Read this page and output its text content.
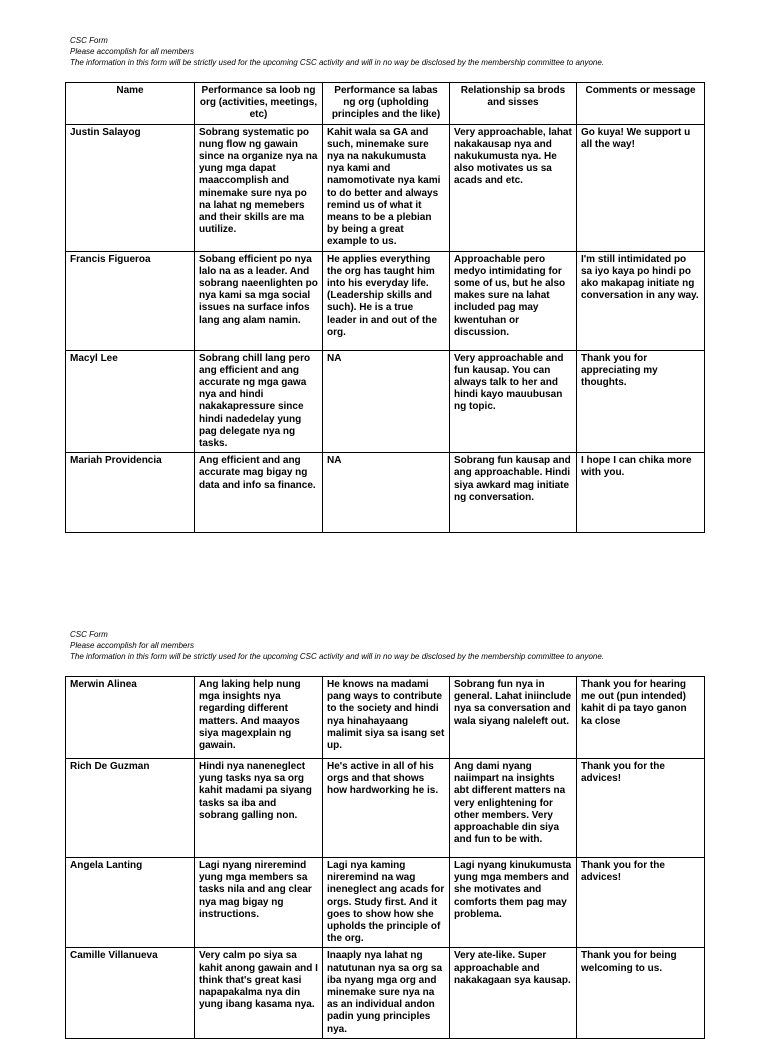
CSC Form
Please accomplish for all members
The information in this form will be strictly used for the upcoming CSC activity and will in no way be disclosed by the membership committee to anyone.
Name	Performance sa loob ng org (activities, meetings, etc)	Performance sa labas ng org (upholding principles and the like)	Relationship sa brods and sisses	Comments or message
Justin Salayog	Sobrang systematic po nung flow ng gawain since na organize nya na yung mga dapat maaccomplish and minemake sure nya po na lahat ng memebers and their skills are ma uutilize.	Kahit wala sa GA and such, minemake sure nya na nakukumusta nya kami and namomotivate nya kami to do better and always remind us of what it means to be a plebian by being a great example to us.	Very approachable, lahat nakakausap nya and nakukumusta nya. He also motivates us sa acads and etc.	Go kuya! We support u all the way!
Francis Figueroa	Sobang efficient po nya lalo na as a leader. And sobrang naeenlighten po nya kami sa mga social issues na surface infos lang ang alam namin.	He applies everything the org has taught him into his everyday life. (Leadership skills and such). He is a true leader in and out of the org.	Approachable pero medyo intimidating for some of us, but he also makes sure na lahat included pag may kwentuhan or discussion.	I'm still intimidated po sa iyo kaya po hindi po ako makapag initiate ng conversation in any way.
Macyl Lee	Sobrang chill lang pero ang efficient and ang accurate ng mga gawa nya and hindi nakakapressure since hindi nadedelay yung pag delegate nya ng tasks.	NA	Very approachable and fun kausap. You can always talk to her and hindi kayo mauubusan ng topic.	Thank you for appreciating my thoughts.
Mariah Providencia	Ang efficient and ang accurate mag bigay ng data and info sa finance.	NA	Sobrang fun kausap and ang approachable. Hindi siya awkard mag initiate ng conversation.	I hope I can chika more with you.
CSC Form
Please accomplish for all members
The information in this form will be strictly used for the upcoming CSC activity and will in no way be disclosed by the membership committee to anyone.
Merwin Alinea	Ang laking help nung mga insights nya regarding different matters. And maayos siya magexplain ng gawain.	He knows na madami pang ways to contribute to the society and hindi nya hinahayaang malimit siya sa isang set up.	Sobrang fun nya in general. Lahat iniinclude nya sa conversation and wala siyang naleleft out.	Thank you for hearing me out (pun intended) kahit di pa tayo ganon ka close
Rich De Guzman	Hindi nya naneneglect yung tasks nya sa org kahit madami pa siyang tasks sa iba and sobrang galling non.	He's active in all of his orgs and that shows how hardworking he is.	Ang dami nyang naiimpart na insights abt different matters na very enlightening for other members. Very approachable din siya and fun to be with.	Thank you for the advices!
Angela Lanting	Lagi nyang nireremind yung mga members sa tasks nila and ang clear nya mag bigay ng instructions.	Lagi nya kaming nireremind na wag ineneglect ang acads for orgs. Study first. And it goes to show how she upholds the principle of the org.	Lagi nyang kinukumusta yung mga members and she motivates and comforts them pag may problema.	Thank you for the advices!
Camille Villanueva	Very calm po siya sa kahit anong gawain and I think that's great kasi napapakalma nya din yung ibang kasama nya.	Inaaply nya lahat ng natutunan nya sa org sa iba nyang mga org and minemake sure nya na as an individual andon padin yung principles nya.	Very ate-like. Super approachable and nakakagaan sya kausap.	Thank you for being welcoming to us.
